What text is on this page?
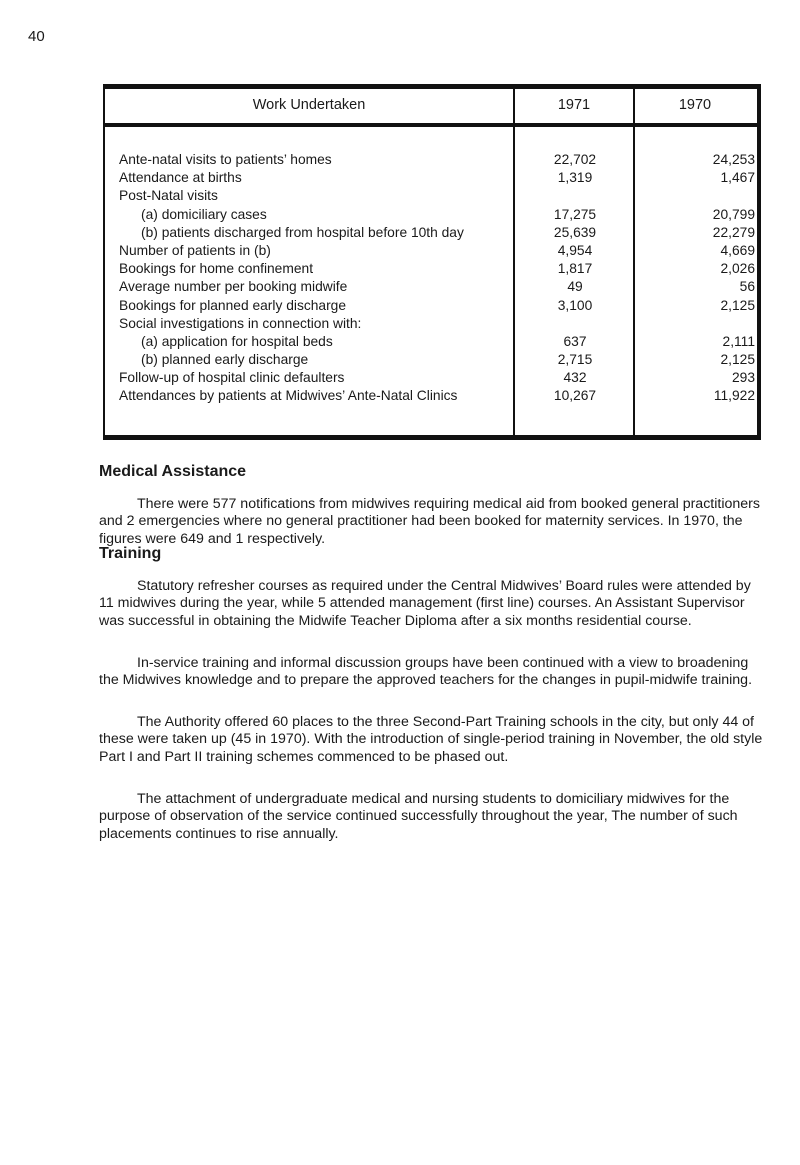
40
Work Undertaken	1971	1970
Ante-natal visits to patients’ homes	22,702	24,253
Attendance at births	1,319	1,467
Post-Natal visits
(a) domiciliary cases	17,275	20,799
(b) patients discharged from hospital before 10th day	25,639	22,279
Number of patients in (b)	4,954	4,669
Bookings for home confinement	1,817	2,026
Average number per booking midwife	49	56
Bookings for planned early discharge	3,100	2,125
Social investigations in connection with:
(a) application for hospital beds	637	2,111
(b) planned early discharge	2,715	2,125
Follow-up of hospital clinic defaulters	432	293
Attendances by patients at Midwives’ Ante-Natal Clinics	10,267	11,922
Medical Assistance
There were 577 notifications from midwives requiring medical aid from booked general practitioners and 2 emergencies where no general practitioner had been booked for maternity services. In 1970, the figures were 649 and 1 respectively.
Training
Statutory refresher courses as required under the Central Midwives’ Board rules were attended by 11 midwives during the year, while 5 attended management (first line) courses. An Assistant Supervisor was successful in obtaining the Midwife Teacher Diploma after a six months residential course.
In-service training and informal discussion groups have been continued with a view to broadening the Midwives knowledge and to prepare the approved teachers for the changes in pupil-midwife training.
The Authority offered 60 places to the three Second-Part Training schools in the city, but only 44 of these were taken up (45 in 1970). With the introduction of single-period training in November, the old style Part I and Part II training schemes commenced to be phased out.
The attachment of undergraduate medical and nursing students to domiciliary midwives for the purpose of observation of the service continued successfully throughout the year, The number of such placements continues to rise annually.
